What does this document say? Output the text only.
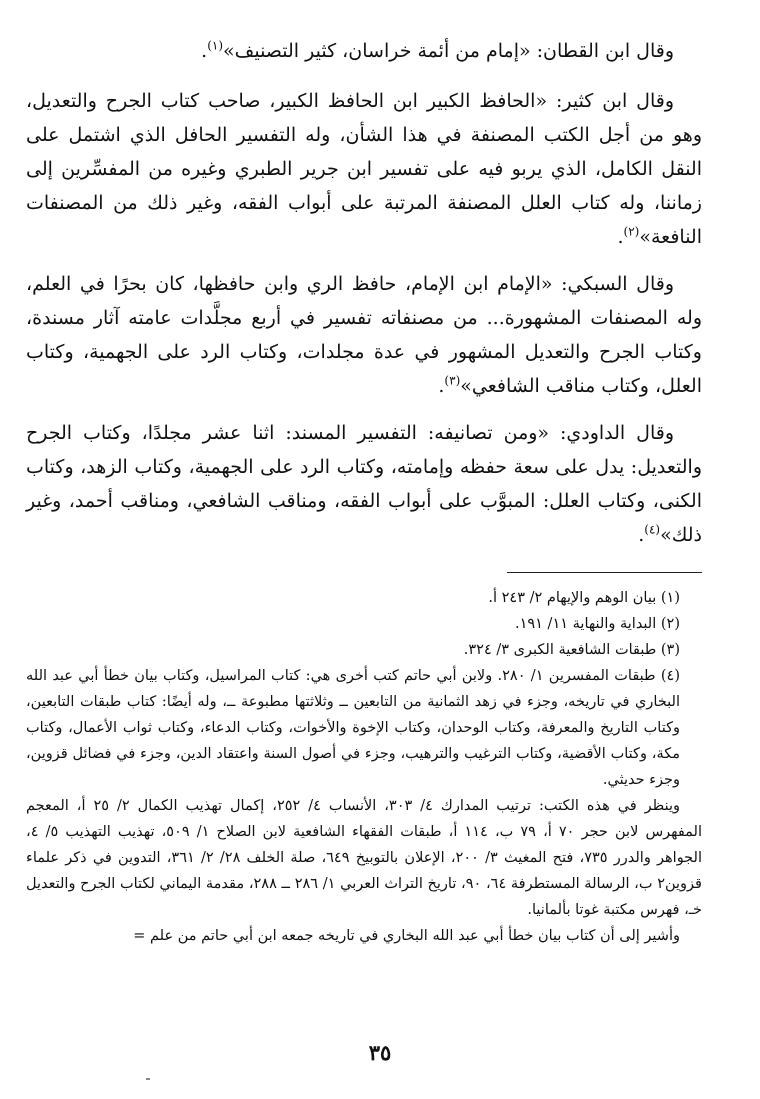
وقال ابن القطان: «إمام من أئمة خراسان، كثير التصنيف»$^{(١)}$.

وقال ابن كثير: «الحافظ الكبير ابن الحافظ الكبير، صاحب كتاب الجرح والتعديل، وهو من أجل الكتب المصنفة في هذا الشأن، وله التفسير الحافل الذي اشتمل على النقل الكامل، الذي يربو فيه على تفسير ابن جرير الطبري وغيره من المفسِّرين إلى زماننا، وله كتاب العلل المصنفة المرتبة على أبواب الفقه، وغير ذلك من المصنفات النافعة»$^{(٢)}$.

وقال السبكي: «الإمام ابن الإمام، حافظ الري وابن حافظها، كان بحرًا في العلم، وله المصنفات المشهورة... من مصنفاته تفسير في أربع مجلَّدات عامته آثار مسندة، وكتاب الجرح والتعديل المشهور في عدة مجلدات، وكتاب الرد على الجهمية، وكتاب العلل، وكتاب مناقب الشافعي»$^{(٣)}$.

وقال الداودي: «ومن تصانيفه: التفسير المسند: اثنا عشر مجلدًا، وكتاب الجرح والتعديل: يدل على سعة حفظه وإمامته، وكتاب الرد على الجهمية، وكتاب الزهد، وكتاب الكنى، وكتاب العلل: المبوَّب على أبواب الفقه، ومناقب الشافعي، ومناقب أحمد، وغير ذلك»$^{(٤)}$.

(١) بيان الوهم والإيهام ٢/ ٢٤٣ أ.

(٢) البداية والنهاية ١١/ ١٩١.

(٣) طبقات الشافعية الكبرى ٣/ ٣٢٤.

(٤) طبقات المفسرين ١/ ٢٨٠. ولابن أبي حاتم كتب أخرى هي: كتاب المراسيل، وكتاب بيان خطأ أبي عبد الله البخاري في تاريخه، وجزء في زهد الثمانية من التابعين ــ وثلاثتها مطبوعة ــ، وله أيضًا: كتاب طبقات التابعين، وكتاب التاريخ والمعرفة، وكتاب الوحدان، وكتاب الإخوة والأخوات، وكتاب الدعاء، وكتاب ثواب الأعمال، وكتاب مكة، وكتاب الأقضية، وكتاب الترغيب والترهيب، وجزء في أصول السنة واعتقاد الدين، وجزء في فضائل قزوين، وجزء حديثي.

وينظر في هذه الكتب: ترتيب المدارك ٤/ ٣٠٣، الأنساب ٤/ ٢٥٢، إكمال تهذيب الكمال ٢/ ٢٥ أ، المعجم المفهرس لابن حجر ٧٠ أ، ٧٩ ب، ١١٤ أ، طبقات الفقهاء الشافعية لابن الصلاح ١/ ٥٠٩، تهذيب التهذيب ٥/ ٤، الجواهر والدرر ٧٣٥، فتح المغيث ٣/ ٢٠٠، الإعلان بالتوبيخ ٦٤٩، صلة الخلف ٢٨/ ٢/ ٣٦١، التدوين في ذكر علماء قزوين٢ ب، الرسالة المستطرفة ٦٤، ٩٠، تاريخ التراث العربي ١/ ٢٨٦ ــ ٢٨٨، مقدمة اليماني لكتاب الجرح والتعديل خـ، فهرس مكتبة غوتا بألمانيا.

وأشير إلى أن كتاب بيان خطأ أبي عبد الله البخاري في تاريخه جمعه ابن أبي حاتم من علم =

٣٥
